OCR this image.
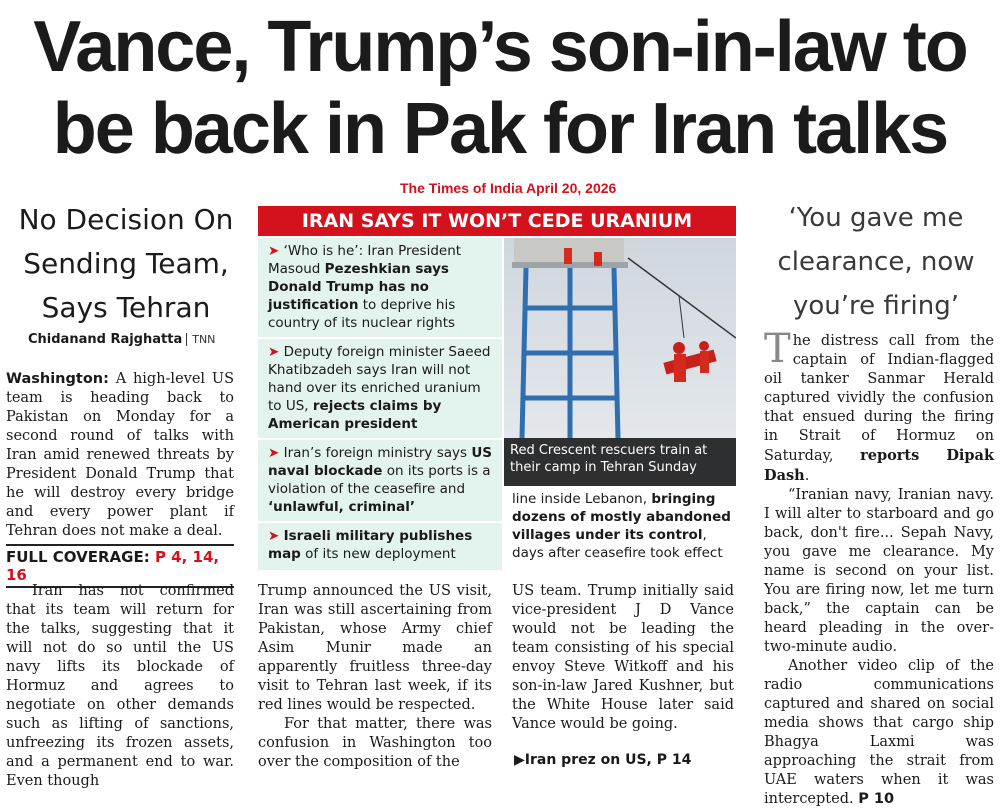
Vance, Trump’s son-in-law to be back in Pak for Iran talks
The Times of India April 20, 2026
No Decision On Sending Team, Says Tehran
Chidanand Rajghatta TNN

Washington: A high-level US team is heading back to Pakistan on Monday for a second round of talks with Iran amid renewed threats by President Donald Trump that he will destroy every bridge and every power plant if Tehran does not make a deal.

FULL COVERAGE: P 4, 14, 16

Iran has not confirmed that its team will return for the talks, suggesting that it will not do so until the US navy lifts its blockade of Hormuz and agrees to negotiate on other demands such as lifting of sanctions, unfreezing its frozen assets, and a permanent end to war. Even though

IRAN SAYS IT WON’T CEDE URANIUM
➤ ‘Who is he’: Iran President Masoud Pezeshkian says Donald Trump has no justification to deprive his country of its nuclear rights
➤ Deputy foreign minister Saeed Khatibzadeh says Iran will not hand over its enriched uranium to US, rejects claims by American president
➤ Iran’s foreign ministry says US naval blockade on its ports is a violation of the ceasefire and ‘unlawful, criminal’
➤ Israeli military publishes map of its new deployment
Red Crescent rescuers train at their camp in Tehran Sunday
line inside Lebanon, bringing dozens of mostly abandoned villages under its control, days after ceasefire took effect

Trump announced the US visit, Iran was still ascertaining from Pakistan, whose Army chief Asim Munir made an apparently fruitless three-day visit to Tehran last week, if its red lines would be respected.

For that matter, there was confusion in Washington too over the composition of the

US team. Trump initially said vice-president J D Vance would not be leading the team consisting of his special envoy Steve Witkoff and his son-in-law Jared Kushner, but the White House later said Vance would be going.

▶Iran prez on US, P 14
‘You gave me clearance, now you’re firing’

The distress call from the captain of Indian-flagged oil tanker Sanmar Herald captured vividly the confusion that ensued during the firing in Strait of Hormuz on Saturday, reports Dipak Dash.

“Iranian navy, Iranian navy. I will alter to starboard and go back, don't fire... Sepah Navy, you gave me clearance. My name is second on your list. You are firing now, let me turn back,” the captain can be heard pleading in the over-two-minute audio.

Another video clip of the radio communications captured and shared on social media shows that cargo ship Bhagya Laxmi was approaching the strait from UAE waters when it was intercepted. P 10
